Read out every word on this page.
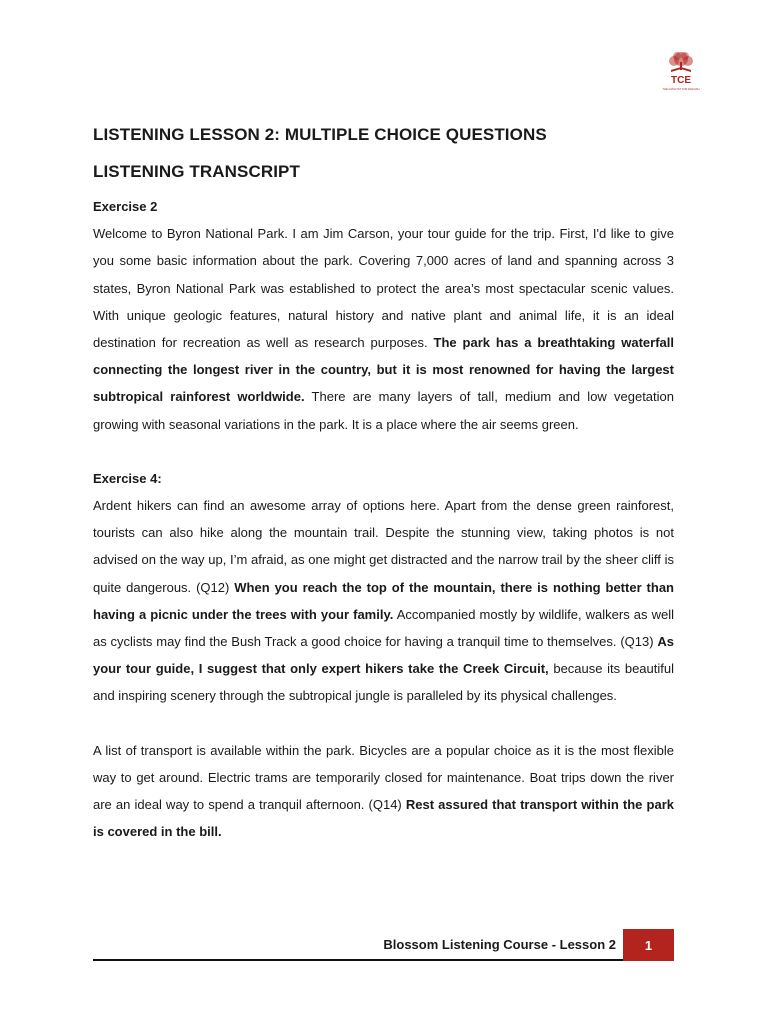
TCE
THE CATALYST FOR ENGLISH
LISTENING LESSON 2: MULTIPLE CHOICE QUESTIONS
LISTENING TRANSCRIPT
Exercise 2

Welcome to Byron National Park. I am Jim Carson, your tour guide for the trip. First, I'd like to give you some basic information about the park. Covering 7,000 acres of land and spanning across 3 states, Byron National Park was established to protect the area’s most spectacular scenic values. With unique geologic features, natural history and native plant and animal life, it is an ideal destination for recreation as well as research purposes. The park has a breathtaking waterfall connecting the longest river in the country, but it is most renowned for having the largest subtropical rainforest worldwide. There are many layers of tall, medium and low vegetation growing with seasonal variations in the park. It is a place where the air seems green.

Exercise 4:

Ardent hikers can find an awesome array of options here. Apart from the dense green rainforest, tourists can also hike along the mountain trail. Despite the stunning view, taking photos is not advised on the way up, I’m afraid, as one might get distracted and the narrow trail by the sheer cliff is quite dangerous. (Q12) When you reach the top of the mountain, there is nothing better than having a picnic under the trees with your family. Accompanied mostly by wildlife, walkers as well as cyclists may find the Bush Track a good choice for having a tranquil time to themselves. (Q13) As your tour guide, I suggest that only expert hikers take the Creek Circuit, because its beautiful and inspiring scenery through the subtropical jungle is paralleled by its physical challenges.

A list of transport is available within the park. Bicycles are a popular choice as it is the most flexible way to get around. Electric trams are temporarily closed for maintenance. Boat trips down the river are an ideal way to spend a tranquil afternoon. (Q14) Rest assured that transport within the park is covered in the bill.

Blossom Listening Course - Lesson 2	1
